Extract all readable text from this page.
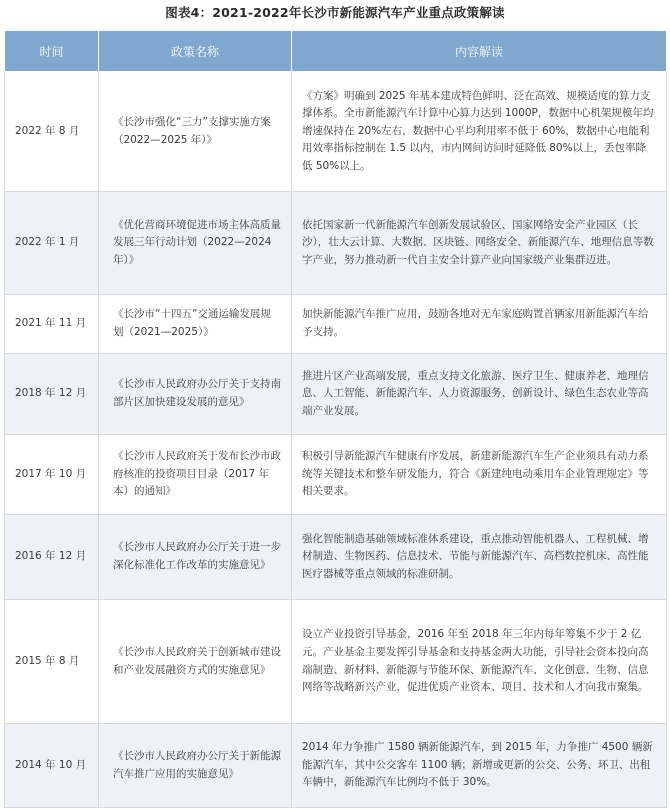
图表4：2021-2022年长沙市新能源汽车产业重点政策解读
时间	政策名称	内容解读
2022 年 8 月	《长沙市强化“三力”支撑实施方案（2022—2025 年）》	《方案》明确到 2025 年基本建成特色鲜明、泛在高效、规模适度的算力支撑体系。全市新能源汽车计算中心算力达到 1000P，数据中心机架规模年均增速保持在 20%左右，数据中心平均利用率不低于 60%，数据中心电能利用效率指标控制在 1.5 以内，市内网间访问时延降低 80%以上，丢包率降低 50%以上。
2022 年 1 月	《优化营商环境促进市场主体高质量发展三年行动计划（2022—2024 年）》	依托国家新一代新能源汽车创新发展试验区、国家网络安全产业园区（长沙），壮大云计算、大数据、区块链、网络安全、新能源汽车、地理信息等数字产业，努力推动新一代自主安全计算产业向国家级产业集群迈进。
2021 年 11 月	《长沙市“十四五”交通运输发展规划（2021—2025）》	加快新能源汽车推广应用，鼓励各地对无车家庭购置首辆家用新能源汽车给予支持。
2018 年 12 月	《长沙市人民政府办公厅关于支持南部片区加快建设发展的意见》	推进片区产业高端发展，重点支持文化旅游、医疗卫生、健康养老、地理信息、人工智能、新能源汽车、人力资源服务、创新设计、绿色生态农业等高端产业发展。
2017 年 10 月	《长沙市人民政府关于发布长沙市政府核准的投资项目目录（2017 年本）的通知》	积极引导新能源汽车健康有序发展，新建新能源汽车生产企业须具有动力系统等关键技术和整车研发能力，符合《新建纯电动乘用车企业管理规定》等相关要求。
2016 年 12 月	《长沙市人民政府办公厅关于进一步深化标准化工作改革的实施意见》	强化智能制造基础领域标准体系建设，重点推动智能机器人、工程机械、增材制造、生物医药、信息技术、节能与新能源汽车、高档数控机床、高性能医疗器械等重点领域的标准研制。
2015 年 8 月	《长沙市人民政府关于创新城市建设和产业发展融资方式的实施意见》	设立产业投资引导基金，2016 年至 2018 年三年内每年筹集不少于 2 亿元。产业基金主要发挥引导基金和支持基金两大功能，引导社会资本投向高端制造、新材料、新能源与节能环保、新能源汽车、文化创意、生物、信息网络等战略新兴产业，促进优质产业资本、项目、技术和人才向我市聚集。
2014 年 10 月	《长沙市人民政府办公厅关于新能源汽车推广应用的实施意见》	2014 年力争推广 1580 辆新能源汽车，到 2015 年，力争推广 4500 辆新能源汽车，其中公交客车 1100 辆；新增或更新的公交、公务、环卫、出租车辆中，新能源汽车比例均不低于 30%。
